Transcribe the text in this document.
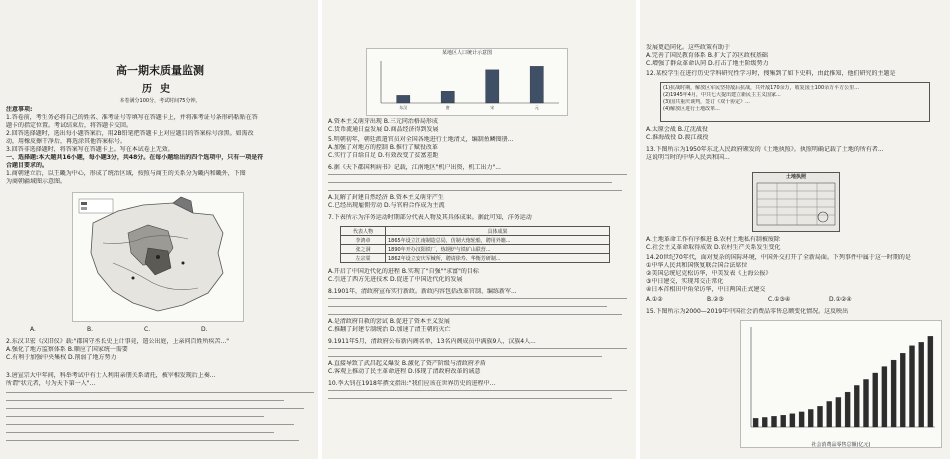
高一期末质量监测
历史
本卷满分100分，考试时间75分钟。
注意事项:
1.答卷前，考生务必将自己的姓名、准考证号等填写在答题卡上，并将准考证号条形码粘贴在答
题卡的指定位置。考试结束后，将答题卡交回。
2.回答选择题时，选出每小题答案后，用2B铅笔把答题卡上对应题目的答案标号涂黑。如需改
动，用橡皮擦干净后，再选涂其他答案标号。
3.回答非选择题时，将答案写在答题卡上。写在本试卷上无效。
一、选择题:本大题共16小题，每小题3分，共48分。在每小题给出的四个选项中，只有一项是符
合题目要求的。
1.商朝建立后，以王畿为中心，形成了统治区域，按照与商王的关系分为畿内和畿外，下图
为商朝疆域图示意图。
A.	B.	C.	D.
2.东汉卫宏《汉旧仪》载:"郡国守丞长史上计事竟，遣公出庭，上亲问百姓所疾苦..."
A.强化了地方监察体系 B.顺应了国家统一需要
C.有利于加强中央集权 D.削弱了地方势力
3.唐宣宗大中年间，科举考试中有士人利用亲朋关系请托，被宰相发现后上奏...
所谓"状元者，号为天下第一人"...
某地区人口统计示意图
东汉	唐	宋	元
A.资本主义萌芽出现 B.三元同治格局形成
C.货币流通日益发展 D.商品经济得到发展
5.明朝初年，朝廷派遣官员对全国各地进行土地清丈，编制鱼鳞图册...
A.加强了对地方的控制 B.推行了赋役改革
C.实行了自给自足 D.有效改变了贫富差距
6.据《天下郡国利病书》记载，江南地区"机户出资，机工出力"...
A.瓦解了封建自然经济 B.资本主义萌芽产生
C.已经出现雇佣劳动 D.与官府合作成为主流
7.下表所示为洋务运动时期部分代表人物及其具体成果。据此可知，洋务运动
代表人物	具体成果
李鸿章	1865年设立江南制造总局，仿制大炮轮船，聘用外籍...
张之洞	1890年开办汉阳铁厂，炼钢炉与铁矿山联营...
左宗棠	1862年设立安庆军械所，聘请徐寿、华衡芳研制...
A.开启了中国近代化的进程 B.实现了"自强""求富"的目标
C.引进了西方先进技术 D.促进了中国近代化的发展
8.1901年，清政府宣布实行新政。新政内容包括改革官制、编练新军...
A.是清政府自救的尝试 B.促进了资本主义发展
C.推翻了封建专制统治 D.加速了清王朝的灭亡
9.1911年5月，清政府公布新内阁名单，13名内阁成员中满族9人，汉族4人...
A.直接导致了武昌起义爆发 B.激化了资产阶级与清政府矛盾
C.客观上推动了民主革命进程 D.体现了清政府改革的诚意
10.李大钊在1918年撰文指出:"我们应该在世界历史的进程中...
发展更趋同化。这些政策有助于
A.完善了国民教育体系 B.扩大了苏区政权基础
C.增强了群众革命认同 D.打击了地主阶级势力
12.某校学生在进行历史学科研究性学习时，搜集到了如下史料，由此推知，他们研究的主题是
(1)抗战时期，解放区军民坚持敌后抗战，共歼敌170余万，收复国土100余万平方公里...
(2)1945年4月，中共七大提出建立新民主主义国家...
(3)国共重庆谈判，签订《双十协定》...
(4)解放区进行土地改革...
A.太原会战 B.辽沈战役
C.淮海战役 D.渡江战役
13.下图所示为1950年东北人民政府颁发的《土地执照》。执照明确记载了土地的所有者...
这说明当时的中华人民共和国...
土地执照
A.土地革命工作有序推进 B.农村土地私有制被废除
C.社会主义革命取得成效 D.农村生产关系发生变化
14.20世纪70年代，面对复杂的国际环境，中国外交打开了全新局面。下列事件中属于这一时期的是
①中华人民共和国恢复联合国合法席位
②美国总统尼克松访华，中美发表《上海公报》
③中日建交，实现邦交正常化
④日本首相田中角荣访华，中日两国正式建交
A.①②	B.②③	C.①③④	D.①②④
15.下图所示为2000—2019年中国社会消费品零售总额变化情况。这反映出
社会消费品零售总额(亿元)
